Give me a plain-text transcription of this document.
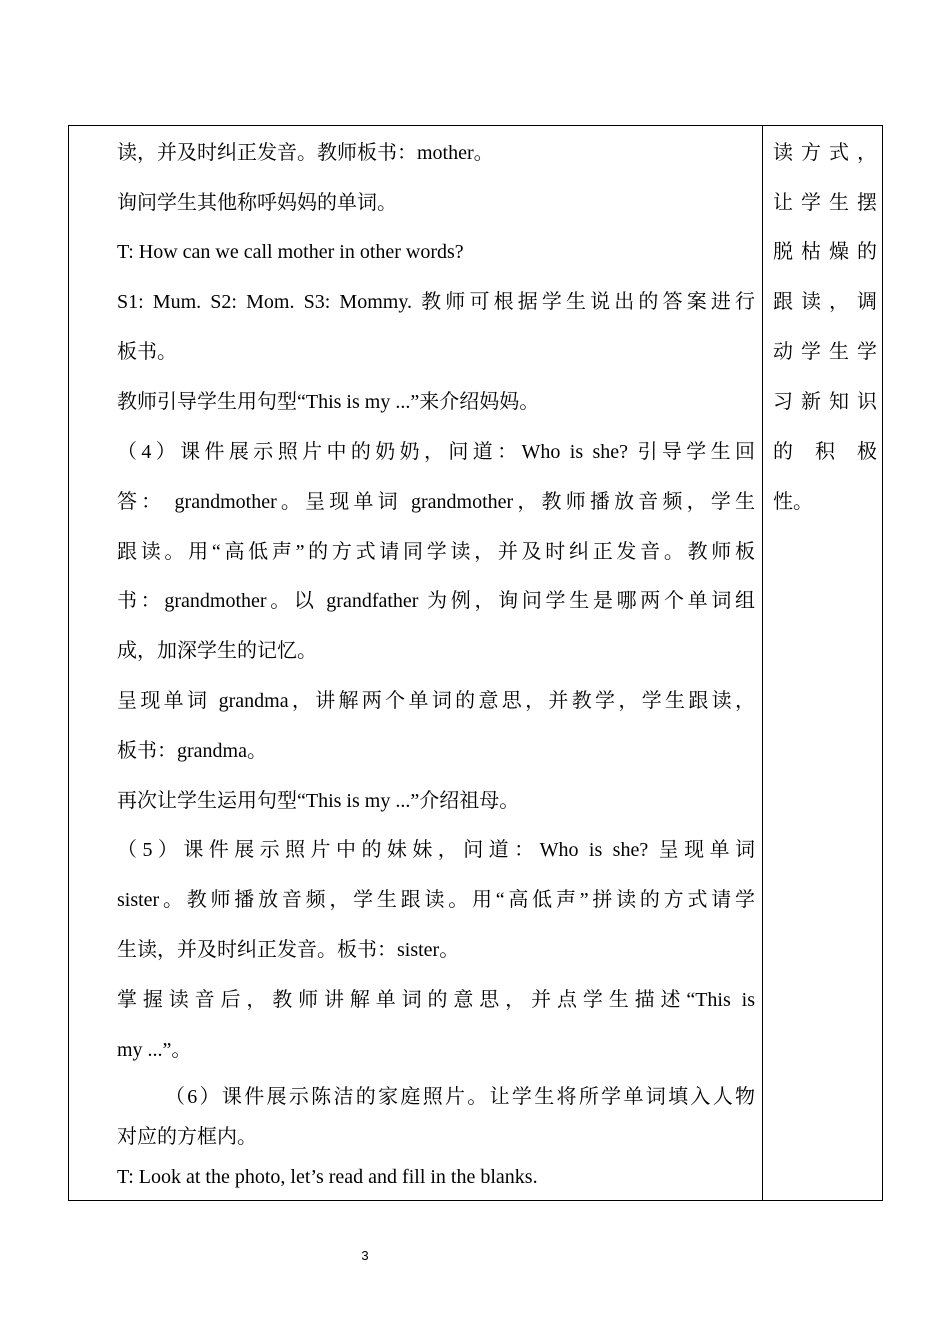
读，并及时纠正发音。教师板书：mother。
询问学生其他称呼妈妈的单词。
T: How can we call mother in other words?
S1: Mum. S2: Mom. S3: Mommy. 教师可根据学生说出的答案进行
板书。
教师引导学生用句型“This is my ...”来介绍妈妈。
（4）课件展示照片中的奶奶，问道：Who is she? 引导学生回
答： grandmother。呈现单词 grandmother，教师播放音频，学生
跟读。用“高低声”的方式请同学读，并及时纠正发音。教师板
书：grandmother。以 grandfather 为例，询问学生是哪两个单词组
成，加深学生的记忆。
呈现单词 grandma，讲解两个单词的意思，并教学，学生跟读，
板书：grandma。
再次让学生运用句型“This is my ...”介绍祖母。
（5）课件展示照片中的妹妹，问道：Who is she? 呈现单词
sister。教师播放音频，学生跟读。用“高低声”拼读的方式请学
生读，并及时纠正发音。板书：sister。
掌握读音后，教师讲解单词的意思，并点学生描述“This is
my ...”。
（6）课件展示陈洁的家庭照片。让学生将所学单词填入人物
对应的方框内。
T: Look at the photo, let’s read and fill in the blanks.
读方式，
让学生摆
脱枯燥的
跟读，调
动学生学
习新知识
的 积 极
性。
3
